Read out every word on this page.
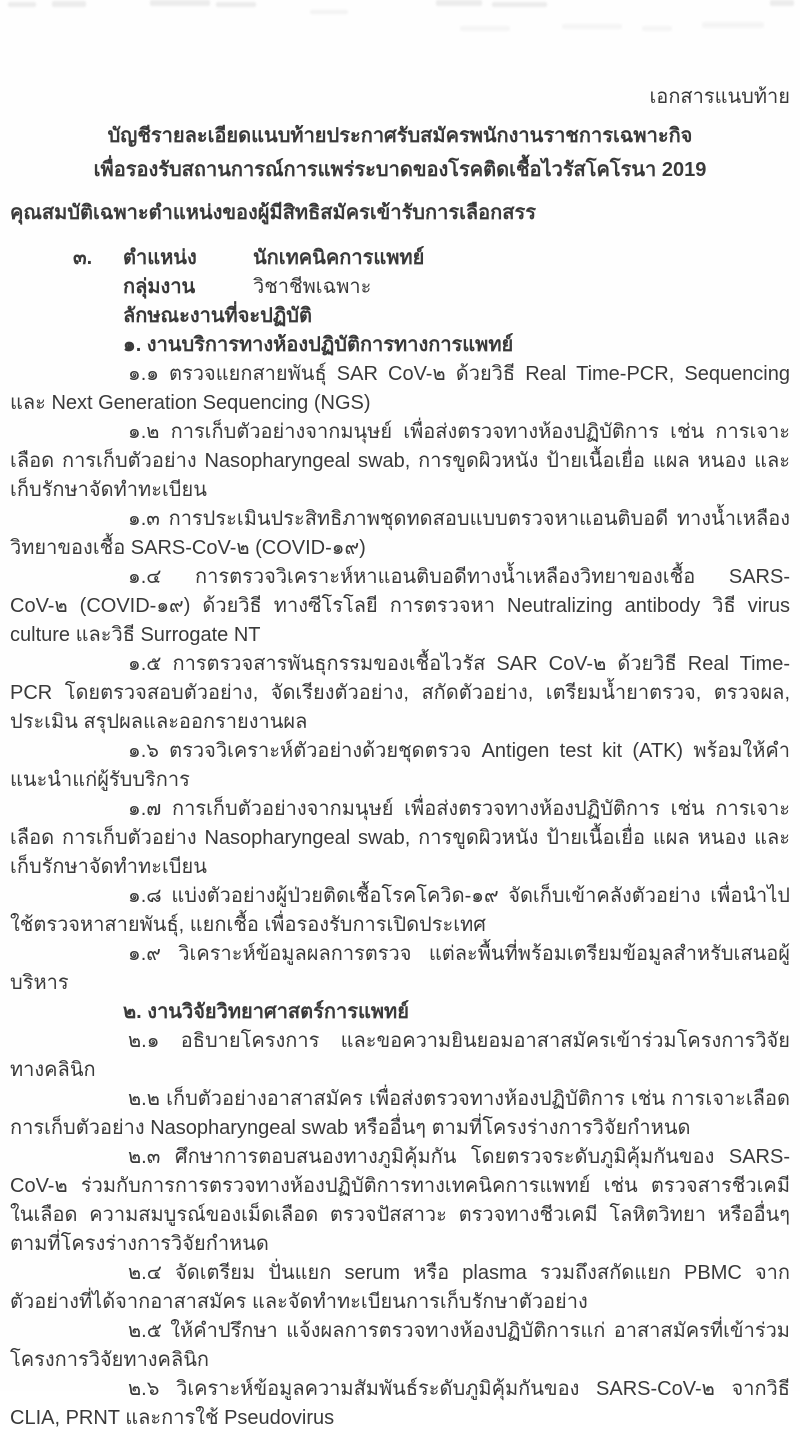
เอกสารแนบท้าย
บัญชีรายละเอียดแนบท้ายประกาศรับสมัครพนักงานราชการเฉพาะกิจ
เพื่อรองรับสถานการณ์การแพร่ระบาดของโรคติดเชื้อไวรัสโคโรนา 2019
คุณสมบัติเฉพาะตำแหน่งของผู้มีสิทธิสมัครเข้ารับการเลือกสรร
๓.	ตำแหน่ง	นักเทคนิคการแพทย์
กลุ่มงาน	วิชาชีพเฉพาะ
ลักษณะงานที่จะปฏิบัติ
๑. งานบริการทางห้องปฏิบัติการทางการแพทย์

๑.๑ ตรวจแยกสายพันธุ์ SAR CoV-๒ ด้วยวิธี Real Time-PCR, Sequencing และ Next Generation Sequencing (NGS)

๑.๒ การเก็บตัวอย่างจากมนุษย์ เพื่อส่งตรวจทางห้องปฏิบัติการ เช่น การเจาะเลือด การเก็บตัวอย่าง Nasopharyngeal swab, การขูดผิวหนัง ป้ายเนื้อเยื่อ แผล หนอง และเก็บรักษาจัดทำทะเบียน

๑.๓ การประเมินประสิทธิภาพชุดทดสอบแบบตรวจหาแอนติบอดี ทางน้ำเหลืองวิทยาของเชื้อ SARS-CoV-๒ (COVID-๑๙)

๑.๔ การตรวจวิเคราะห์หาแอนติบอดีทางน้ำเหลืองวิทยาของเชื้อ SARS-CoV-๒ (COVID-๑๙) ด้วยวิธี ทางซีโรโลยี การตรวจหา Neutralizing antibody วิธี virus culture และวิธี Surrogate NT

๑.๕ การตรวจสารพันธุกรรมของเชื้อไวรัส SAR CoV-๒ ด้วยวิธี Real Time-PCR โดยตรวจสอบตัวอย่าง, จัดเรียงตัวอย่าง, สกัดตัวอย่าง, เตรียมน้ำยาตรวจ, ตรวจผล, ประเมิน สรุปผลและออกรายงานผล

๑.๖ ตรวจวิเคราะห์ตัวอย่างด้วยชุดตรวจ Antigen test kit (ATK) พร้อมให้คำแนะนำแก่ผู้รับบริการ

๑.๗ การเก็บตัวอย่างจากมนุษย์ เพื่อส่งตรวจทางห้องปฏิบัติการ เช่น การเจาะเลือด การเก็บตัวอย่าง Nasopharyngeal swab, การขูดผิวหนัง ป้ายเนื้อเยื่อ แผล หนอง และเก็บรักษาจัดทำทะเบียน

๑.๘ แบ่งตัวอย่างผู้ป่วยติดเชื้อโรคโควิด-๑๙ จัดเก็บเข้าคลังตัวอย่าง เพื่อนำไปใช้ตรวจหาสายพันธุ์, แยกเชื้อ เพื่อรองรับการเปิดประเทศ

๑.๙ วิเคราะห์ข้อมูลผลการตรวจ แต่ละพื้นที่พร้อมเตรียมข้อมูลสำหรับเสนอผู้บริหาร

๒. งานวิจัยวิทยาศาสตร์การแพทย์

๒.๑ อธิบายโครงการ และขอความยินยอมอาสาสมัครเข้าร่วมโครงการวิจัยทางคลินิก

๒.๒ เก็บตัวอย่างอาสาสมัคร เพื่อส่งตรวจทางห้องปฏิบัติการ เช่น การเจาะเลือด การเก็บตัวอย่าง Nasopharyngeal swab หรืออื่นๆ ตามที่โครงร่างการวิจัยกำหนด

๒.๓ ศึกษาการตอบสนองทางภูมิคุ้มกัน โดยตรวจระดับภูมิคุ้มกันของ SARS-CoV-๒ ร่วมกับการการตรวจทางห้องปฏิบัติการทางเทคนิคการแพทย์ เช่น ตรวจสารชีวเคมีในเลือด ความสมบูรณ์ของเม็ดเลือด ตรวจปัสสาวะ ตรวจทางชีวเคมี โลหิตวิทยา หรืออื่นๆ ตามที่โครงร่างการวิจัยกำหนด

๒.๔ จัดเตรียม ปั่นแยก serum หรือ plasma รวมถึงสกัดแยก PBMC จากตัวอย่างที่ได้จากอาสาสมัคร และจัดทำทะเบียนการเก็บรักษาตัวอย่าง

๒.๕ ให้คำปรึกษา แจ้งผลการตรวจทางห้องปฏิบัติการแก่ อาสาสมัครที่เข้าร่วม โครงการวิจัยทางคลินิก

๒.๖ วิเคราะห์ข้อมูลความสัมพันธ์ระดับภูมิคุ้มกันของ SARS-CoV-๒ จากวิธี CLIA, PRNT และการใช้ Pseudovirus
